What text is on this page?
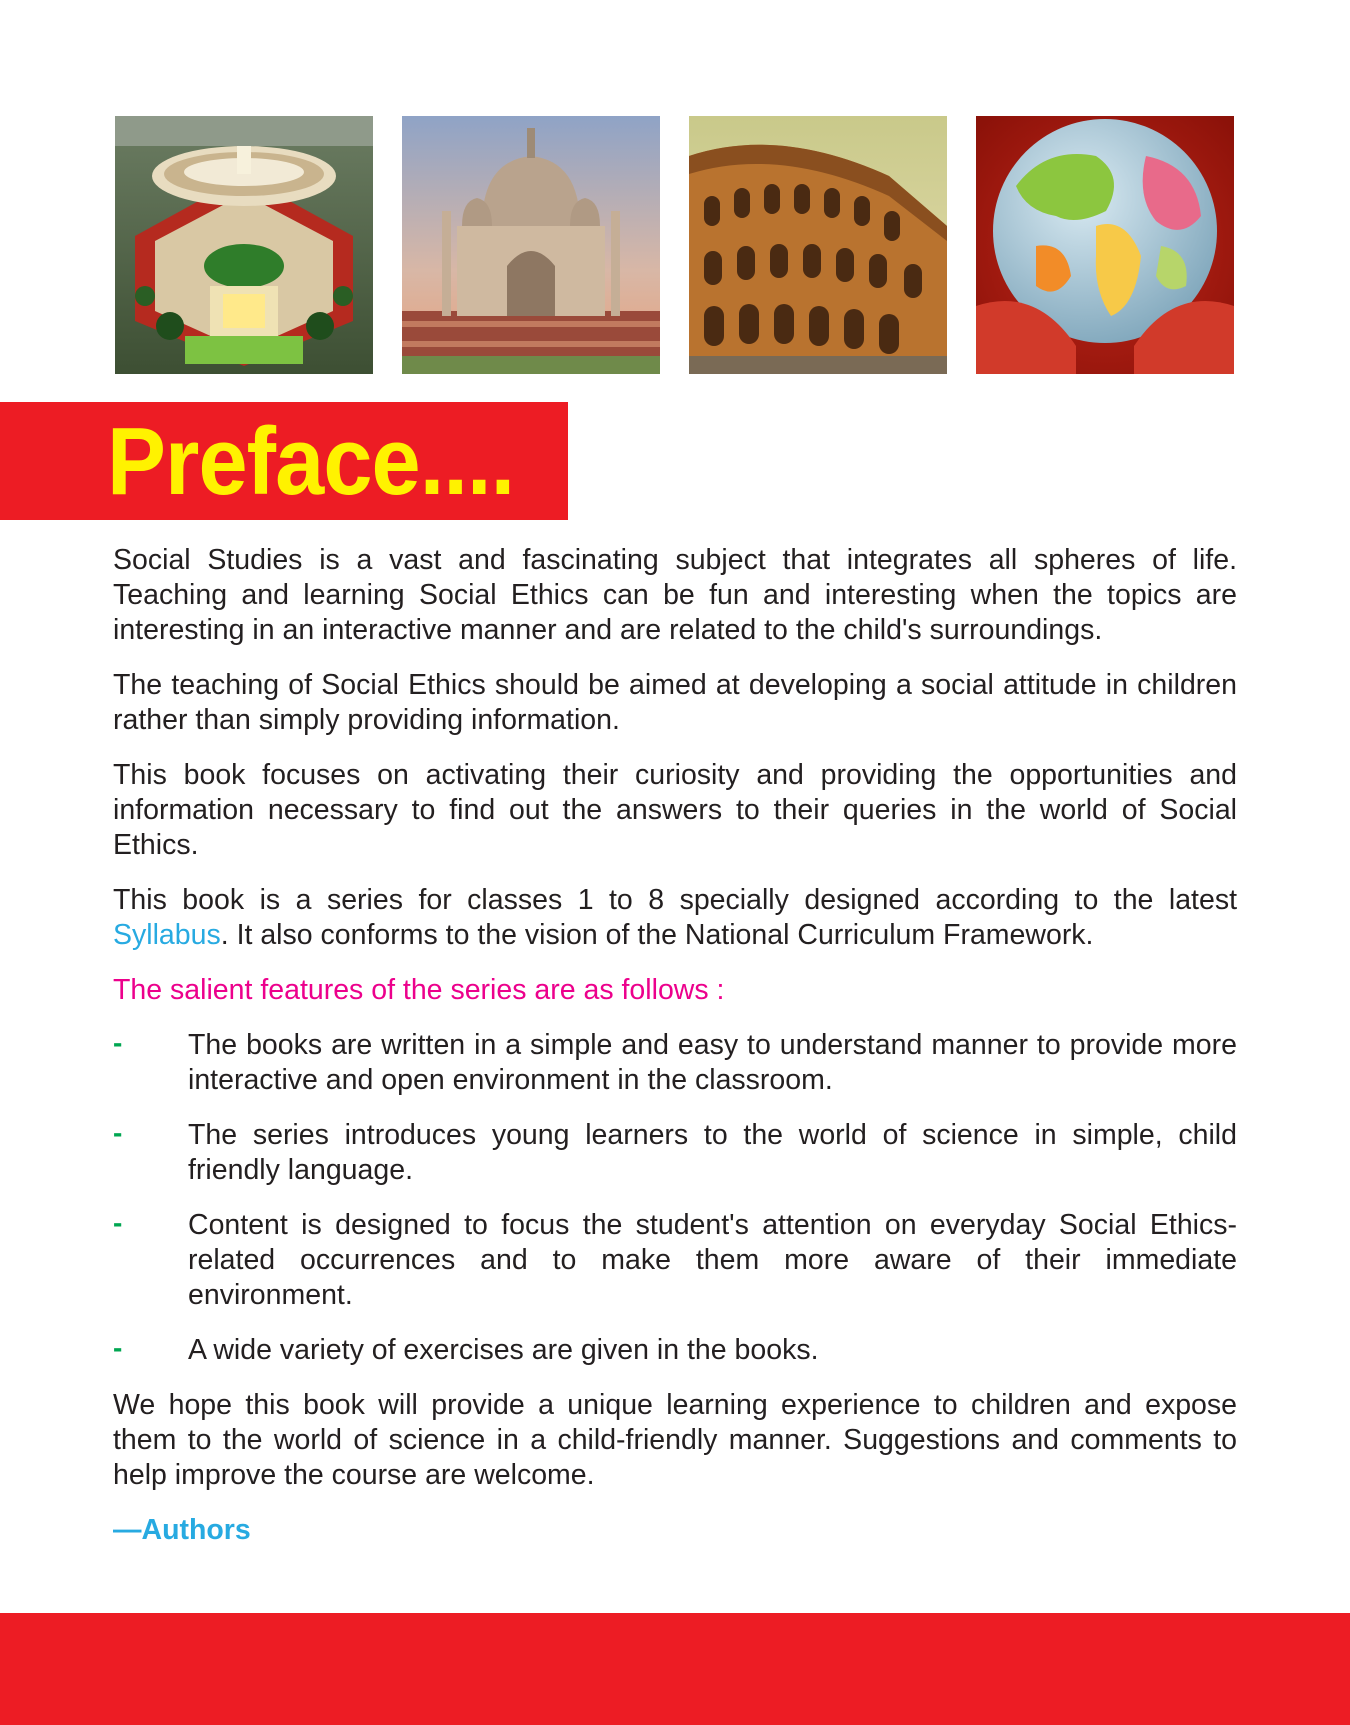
Preface....

Social Studies is a vast and fascinating subject that integrates all spheres of life. Teaching and learning Social Ethics can be fun and interesting when the topics are interesting in an interactive manner and are related to the child's surroundings.

The teaching of Social Ethics should be aimed at developing a social attitude in children rather than simply providing information.

This book focuses on activating their curiosity and providing the opportunities and information necessary to find out the answers to their queries in the world of Social Ethics.

This book is a series for classes 1 to 8 specially designed according to the latest Syllabus. It also conforms to the vision of the National Curriculum Framework.

The salient features of the series are as follows :

- The books are written in a simple and easy to understand manner to provide more interactive and open environment in the classroom.
- The series introduces young learners to the world of science in simple, child friendly language.
- Content is designed to focus the student's attention on everyday Social Ethics-related occurrences and to make them more aware of their immediate environment.
- A wide variety of exercises are given in the books.

We hope this book will provide a unique learning experience to children and expose them to the world of science in a child-friendly manner. Suggestions and comments to help improve the course are welcome.

—Authors
